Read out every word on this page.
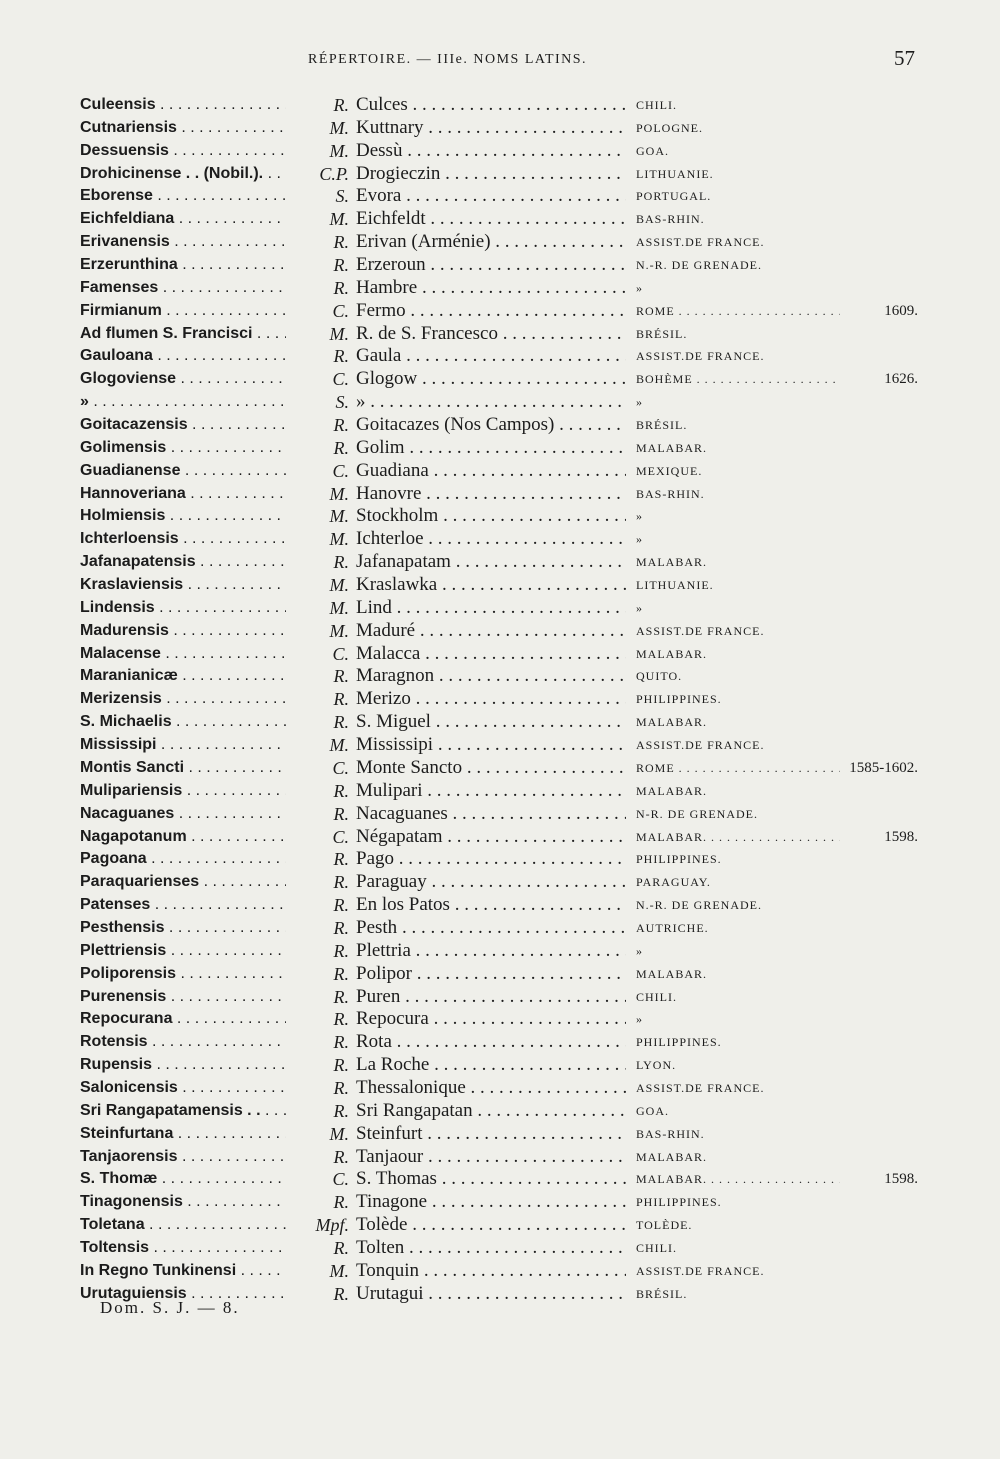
RÉPERTOIRE. — IIIe. NOMS LATINS.	57
Culeensis . . .	R. Culces . . .	CHILI.
Cutnariensis . . .	M. Kuttnary . . .	POLOGNE.
Dessuensis . . .	M. Dessù . . .	GOA.
Drohicinense . . (Nobil.). . . .	C.P. Drogieczin . . .	LITHUANIE.
Eborense . . .	S. Evora . . .	PORTUGAL.
Eichfeldiana . . .	M. Eichfeldt . . .	BAS-RHIN.
Erivanensis . . .	R. Erivan (Arménie) . . .	ASSIST.DE FRANCE.
Erzerunthina . . .	R. Erzeroun . . .	N.-R. DE GRENADE.
Famenses . . .	R. Hambre . . .	»
Firmianum . . .	C. Fermo . . .	ROME . . .	1609.
Ad flumen S. Francisci . . .	M. R. de S. Francesco . . .	BRÉSIL.
Gauloana . . .	R. Gaula . . .	ASSIST.DE FRANCE.
Glogoviense . . .	C. Glogow . . .	BOHÈME . . .	1626.
» . . .	S. » . . .	»
Goitacazensis . . .	R. Goitacazes (Nos Campos) . . .	BRÉSIL.
Golimensis . . .	R. Golim . . .	MALABAR.
Guadianense . . .	C. Guadiana . . .	MEXIQUE.
Hannoveriana . . .	M. Hanovre . . .	BAS-RHIN.
Holmiensis . . .	M. Stockholm . . .	»
Ichterloensis . . .	M. Ichterloe . . .	»
Jafanapatensis . . .	R. Jafanapatam . . .	MALABAR.
Kraslaviensis . . .	M. Kraslawka . . .	LITHUANIE.
Lindensis . . .	M. Lind . . .	»
Madurensis . . .	M. Maduré . . .	ASSIST.DE FRANCE.
Malacense . . .	C. Malacca . . .	MALABAR.
Maranianicæ . . .	R. Maragnon . . .	QUITO.
Merizensis . . .	R. Merizo . . .	PHILIPPINES.
S. Michaelis . . .	R. S. Miguel . . .	MALABAR.
Mississipi . . .	M. Mississipi . . .	ASSIST.DE FRANCE.
Montis Sancti . . .	C. Monte Sancto . . .	ROME . . .	1585-1602.
Mulipariensis . . .	R. Mulipari . . .	MALABAR.
Nacaguanes . . .	R. Nacaguanes . . .	N-R. DE GRENADE.
Nagapotanum . . .	C. Négapatam . . .	MALABAR. . . .	1598.
Pagoana . . .	R. Pago . . .	PHILIPPINES.
Paraquarienses . . .	R. Paraguay . . .	PARAGUAY.
Patenses . . .	R. En los Patos . . .	N.-R. DE GRENADE.
Pesthensis . . .	R. Pesth . . .	AUTRICHE.
Plettriensis . . .	R. Plettria . . .	»
Poliporensis . . .	R. Polipor . . .	MALABAR.
Purenensis . . .	R. Puren . . .	CHILI.
Repocurana . . .	R. Repocura . . .	»
Rotensis . . .	R. Rota . . .	PHILIPPINES.
Rupensis . . .	R. La Roche . . .	LYON.
Salonicensis . . .	R. Thessalonique . . .	ASSIST.DE FRANCE.
Sri Rangapatamensis . . . . .	R. Sri Rangapatan . . .	GOA.
Steinfurtana . . .	M. Steinfurt . . .	BAS-RHIN.
Tanjaorensis . . .	R. Tanjaour . . .	MALABAR.
S. Thomæ . . .	C. S. Thomas . . .	MALABAR. . . .	1598.
Tinagonensis . . .	R. Tinagone . . .	PHILIPPINES.
Toletana . . .	Mpf. Tolède . . .	TOLÈDE.
Toltensis . . .	R. Tolten . . .	CHILI.
In Regno Tunkinensi . . .	M. Tonquin . . .	ASSIST.DE FRANCE.
Urutaguiensis . . .	R. Urutagui . . .	BRÉSIL.
Dom. S. J. — 8.
